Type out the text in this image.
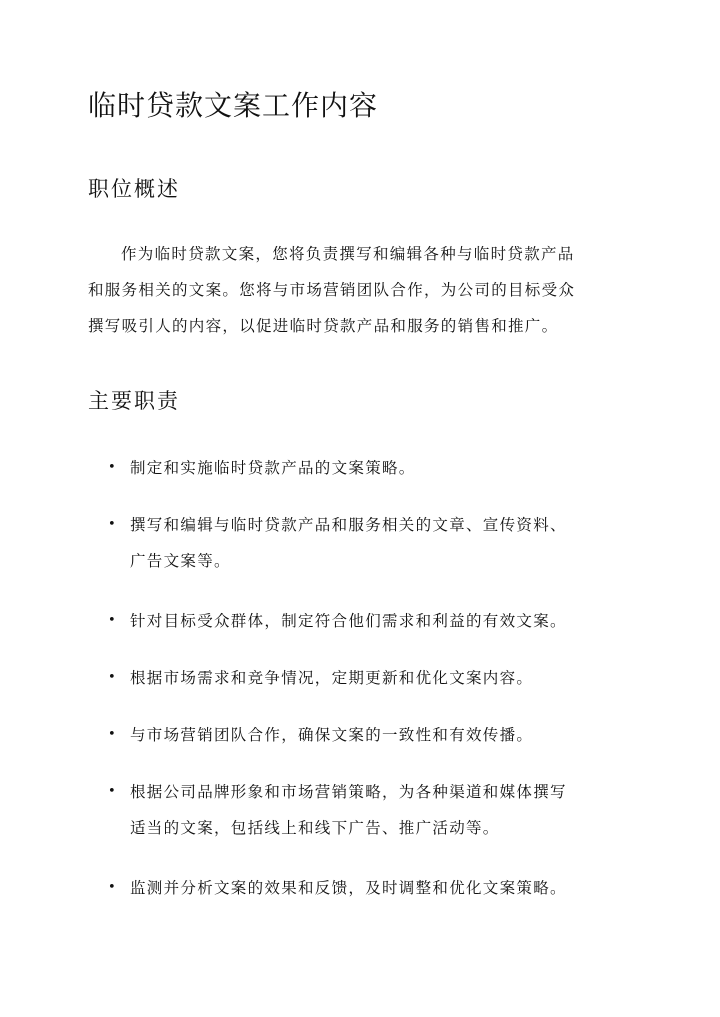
临时贷款文案工作内容
职位概述

作为临时贷款文案，您将负责撰写和编辑各种与临时贷款产品
和服务相关的文案。您将与市场营销团队合作，为公司的目标受众
撰写吸引人的内容，以促进临时贷款产品和服务的销售和推广。

主要职责
• 制定和实施临时贷款产品的文案策略。
• 撰写和编辑与临时贷款产品和服务相关的文章、宣传资料、
广告文案等。
• 针对目标受众群体，制定符合他们需求和利益的有效文案。
• 根据市场需求和竞争情况，定期更新和优化文案内容。
• 与市场营销团队合作，确保文案的一致性和有效传播。
• 根据公司品牌形象和市场营销策略，为各种渠道和媒体撰写
适当的文案，包括线上和线下广告、推广活动等。
• 监测并分析文案的效果和反馈，及时调整和优化文案策略。
